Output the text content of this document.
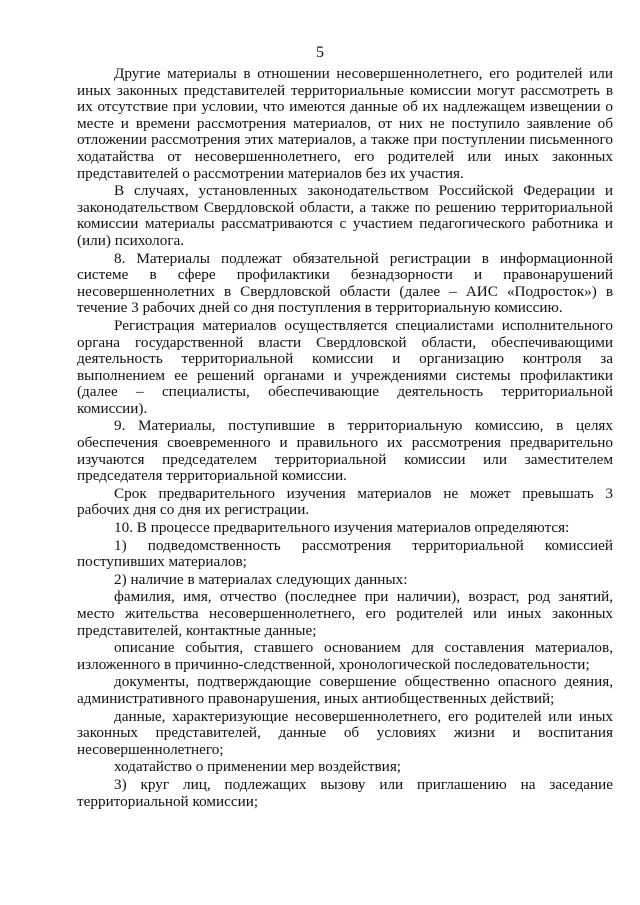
5

Другие материалы в отношении несовершеннолетнего, его родителей или иных законных представителей территориальные комиссии могут рассмотреть в их отсутствие при условии, что имеются данные об их надлежащем извещении о месте и времени рассмотрения материалов, от них не поступило заявление об отложении рассмотрения этих материалов, а также при поступлении письменного ходатайства от несовершеннолетнего, его родителей или иных законных представителей о рассмотрении материалов без их участия.

В случаях, установленных законодательством Российской Федерации и законодательством Свердловской области, а также по решению территориальной комиссии материалы рассматриваются с участием педагогического работника и (или) психолога.

8. Материалы подлежат обязательной регистрации в информационной системе в сфере профилактики безнадзорности и правонарушений несовершеннолетних в Свердловской области (далее – АИС «Подросток») в течение 3 рабочих дней со дня поступления в территориальную комиссию.

Регистрация материалов осуществляется специалистами исполнительного органа государственной власти Свердловской области, обеспечивающими деятельность территориальной комиссии и организацию контроля за выполнением ее решений органами и учреждениями системы профилактики (далее – специалисты, обеспечивающие деятельность территориальной комиссии).

9. Материалы, поступившие в территориальную комиссию, в целях обеспечения своевременного и правильного их рассмотрения предварительно изучаются председателем территориальной комиссии или заместителем председателя территориальной комиссии.

Срок предварительного изучения материалов не может превышать 3 рабочих дня со дня их регистрации.

10. В процессе предварительного изучения материалов определяются:

1) подведомственность рассмотрения территориальной комиссией поступивших материалов;

2) наличие в материалах следующих данных:

фамилия, имя, отчество (последнее при наличии), возраст, род занятий, место жительства несовершеннолетнего, его родителей или иных законных представителей, контактные данные;

описание события, ставшего основанием для составления материалов, изложенного в причинно-следственной, хронологической последовательности;

документы, подтверждающие совершение общественно опасного деяния, административного правонарушения, иных антиобщественных действий;

данные, характеризующие несовершеннолетнего, его родителей или иных законных представителей, данные об условиях жизни и воспитания несовершеннолетнего;

ходатайство о применении мер воздействия;

3) круг лиц, подлежащих вызову или приглашению на заседание территориальной комиссии;
